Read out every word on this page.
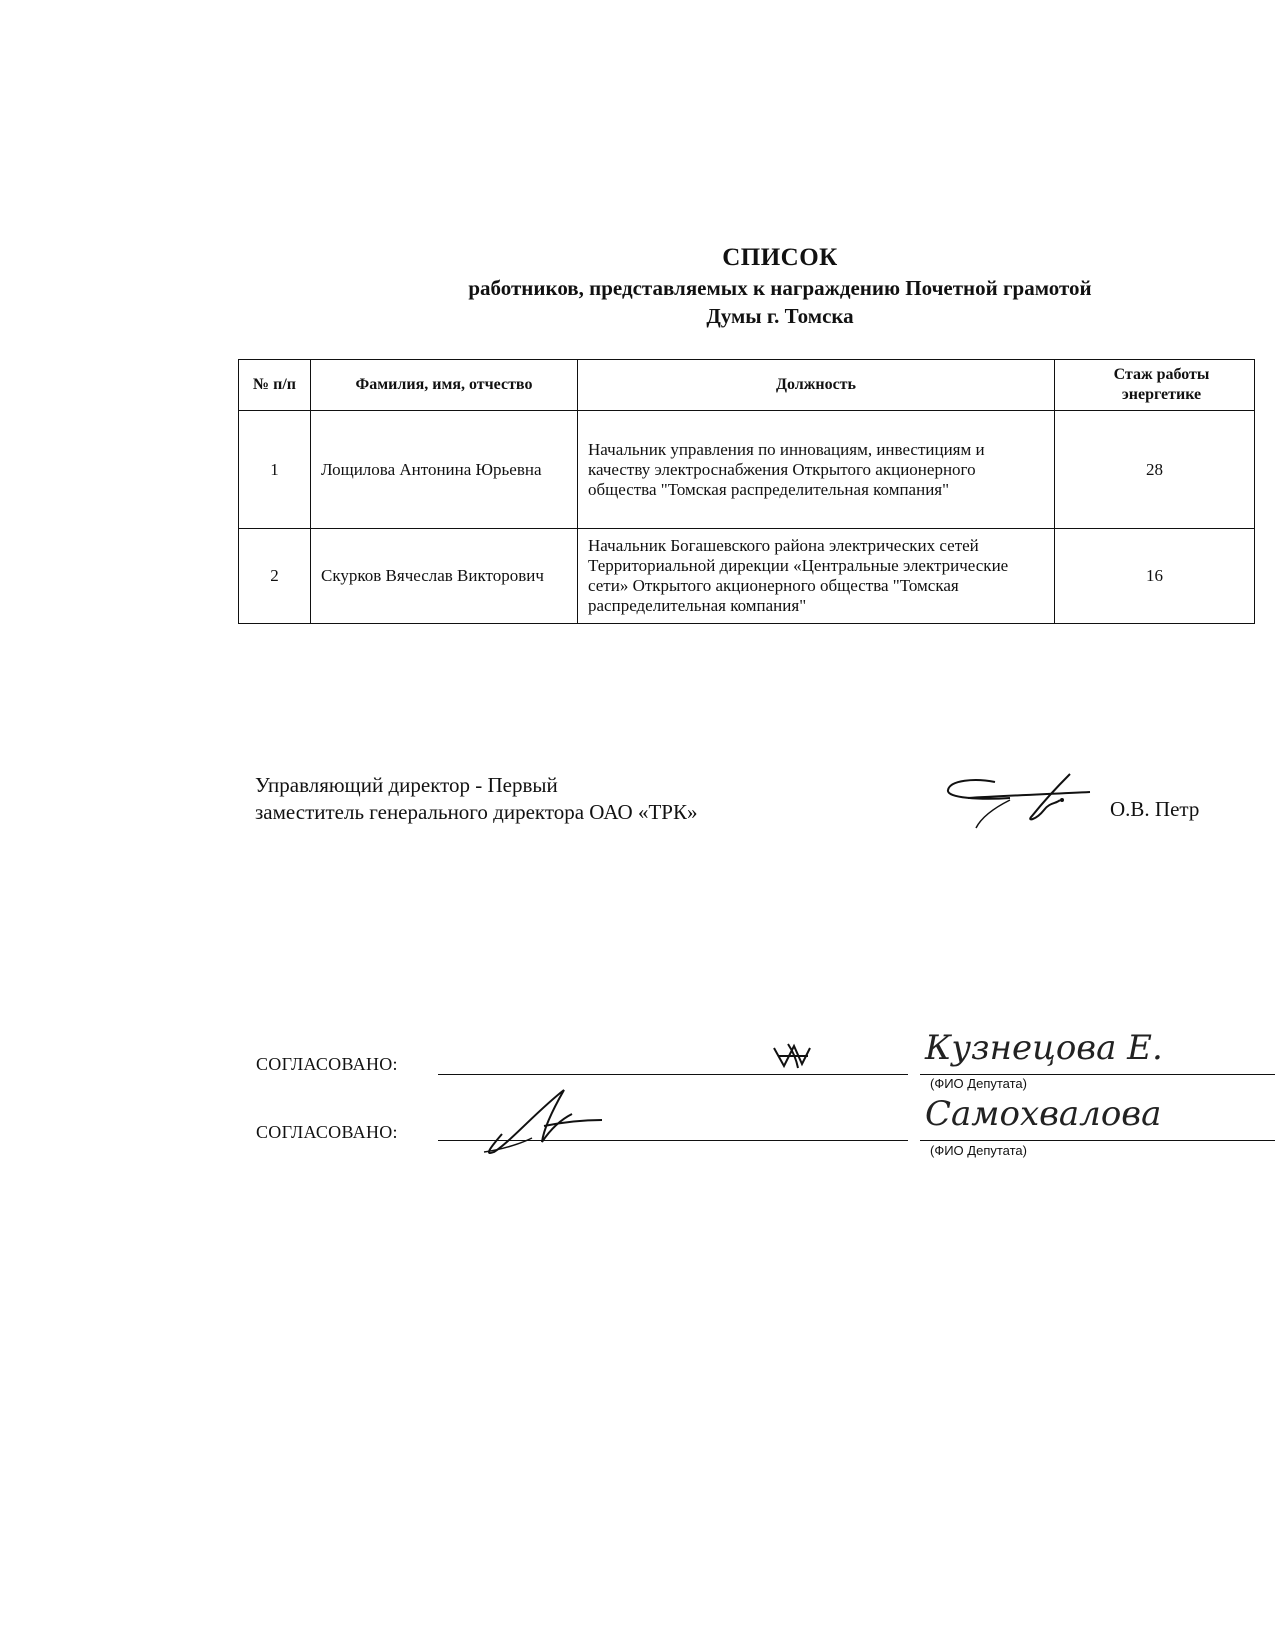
СПИСОК
работников, представляемых к награждению Почетной грамотой
Думы г. Томска
№ п/п	Фамилия, имя, отчество	Должность	Стаж работы
энергетике

1	Лощилова Антонина Юрьевна	Начальник управления по инновациям, инвестициям и качеству электроснабжения Открытого акционерного общества "Томская распределительная компания"	28
2	Скурков Вячеслав Викторович	Начальник Богашевского района электрических сетей Территориальной дирекции «Центральные электрические сети» Открытого акционерного общества "Томская распределительная компания"	16
Управляющий директор - Первый
заместитель генерального директора ОАО «ТРК»	О.В. Петр
СОГЛАСОВАНО:	Кузнецова Е.
(ФИО Депутата)
СОГЛАСОВАНО:	Самохвалова
(ФИО Депутата)
